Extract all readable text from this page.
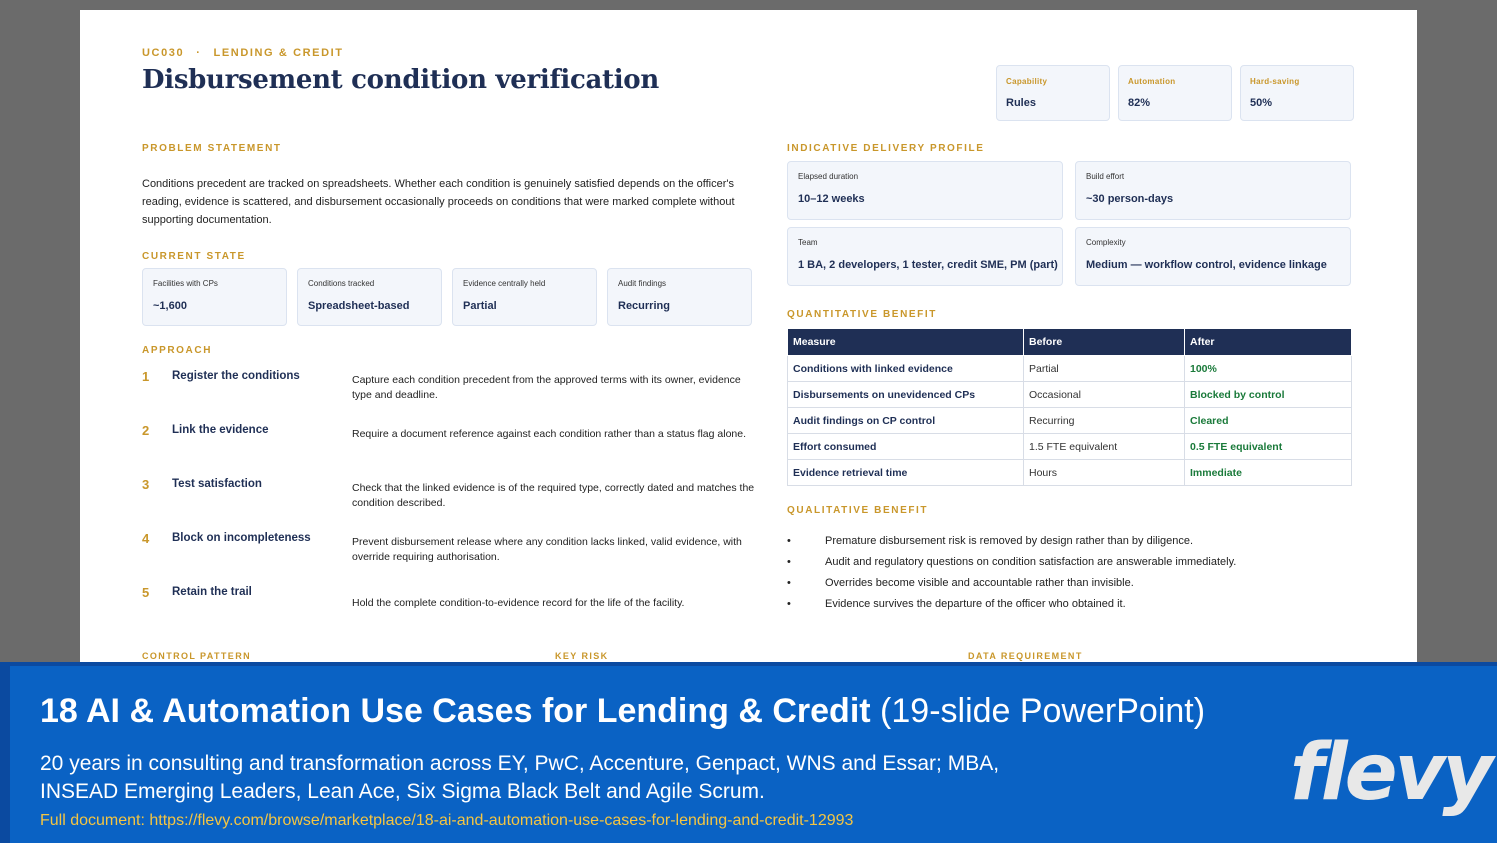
UC030 · LENDING & CREDIT
Disbursement condition verification	Capability
Rules
Automation
82%
Hard-saving
50%
PROBLEM STATEMENT
Conditions precedent are tracked on spreadsheets. Whether each condition is genuinely satisfied depends on the officer's reading, evidence is scattered, and disbursement occasionally proceeds on conditions that were marked complete without supporting documentation.
CURRENT STATE
Facilities with CPs
~1,600
Conditions tracked
Spreadsheet-based
Evidence centrally held
Partial
Audit findings
Recurring
APPROACH
1 Register the conditions	Capture each condition precedent from the approved terms with its owner, evidence type and deadline.
2 Link the evidence	Require a document reference against each condition rather than a status flag alone.
3 Test satisfaction	Check that the linked evidence is of the required type, correctly dated and matches the condition described.
4 Block on incompleteness	Prevent disbursement release where any condition lacks linked, valid evidence, with override requiring authorisation.
5 Retain the trail
Hold the complete condition-to-evidence record for the life of the facility.
INDICATIVE DELIVERY PROFILE
Elapsed duration
10–12 weeks
Build effort
~30 person-days
Team
1 BA, 2 developers, 1 tester, credit SME, PM (part)
Complexity
Medium — workflow control, evidence linkage
QUANTITATIVE BENEFIT
Measure	Before	After
Conditions with linked evidence	Partial	100%
Disbursements on unevidenced CPs	Occasional	Blocked by control
Audit findings on CP control	Recurring	Cleared
Effort consumed	1.5 FTE equivalent	0.5 FTE equivalent
Evidence retrieval time	Hours	Immediate
QUALITATIVE BENEFIT
•	Premature disbursement risk is removed by design rather than by diligence.
•	Audit and regulatory questions on condition satisfaction are answerable immediately.
•	Overrides become visible and accountable rather than invisible.
•	Evidence survives the departure of the officer who obtained it.
CONTROL PATTERN	KEY RISK	DATA REQUIREMENT
18 AI & Automation Use Cases for Lending & Credit (19-slide PowerPoint)
20 years in consulting and transformation across EY, PwC, Accenture, Genpact, WNS and Essar; MBA, INSEAD Emerging Leaders, Lean Ace, Six Sigma Black Belt and Agile Scrum.
Full document: https://flevy.com/browse/marketplace/18-ai-and-automation-use-cases-for-lending-and-credit-12993
flevy
